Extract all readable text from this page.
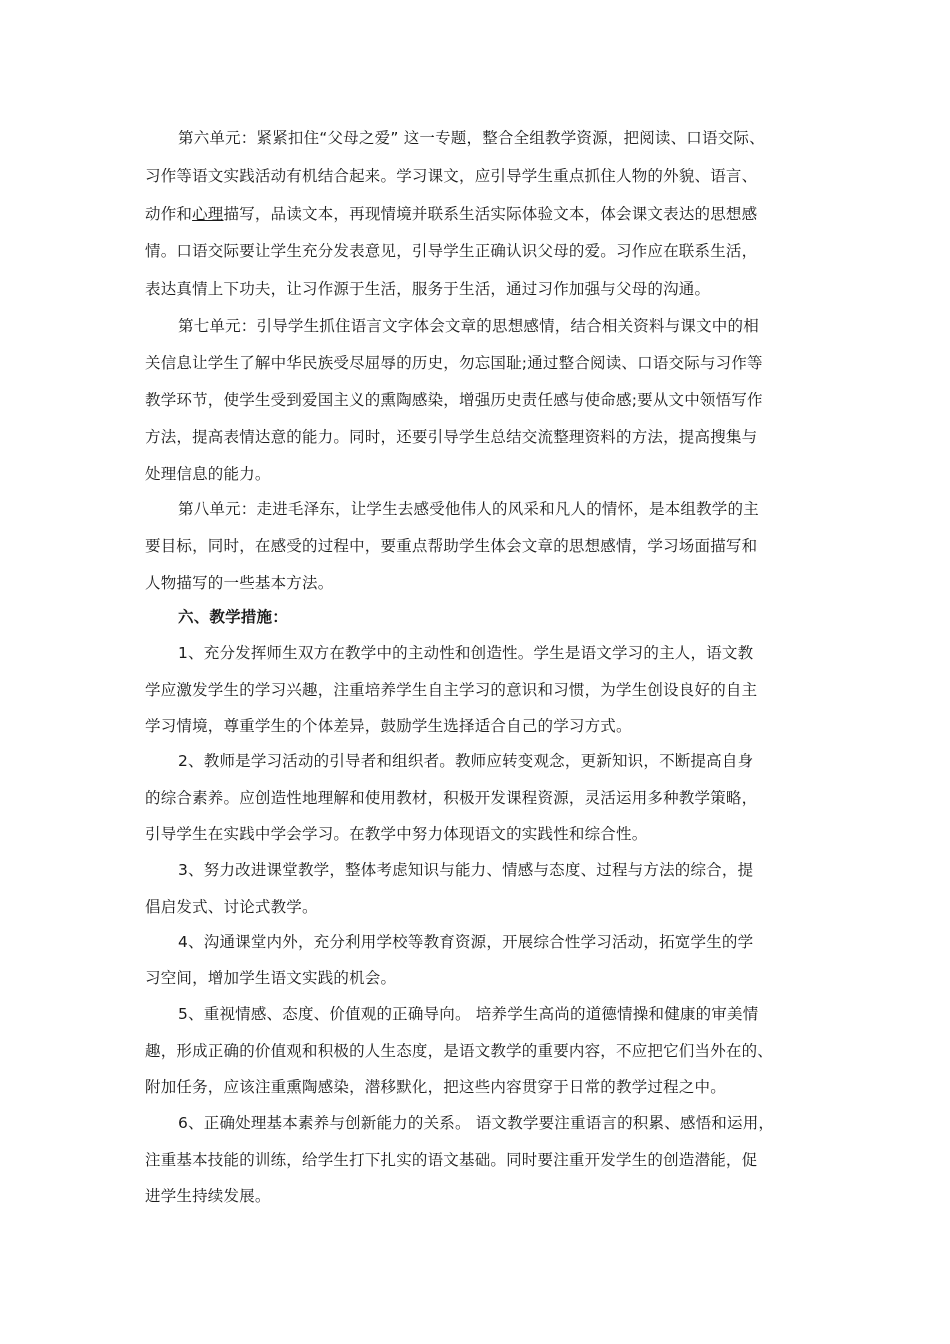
第六单元：紧紧扣住“父母之爱” 这一专题，整合全组教学资源，把阅读、口语交际、

习作等语文实践活动有机结合起来。学习课文，应引导学生重点抓住人物的外貌、语言、

动作和心理描写，品读文本，再现情境并联系生活实际体验文本，体会课文表达的思想感

情。口语交际要让学生充分发表意见，引导学生正确认识父母的爱。习作应在联系生活，

表达真情上下功夫，让习作源于生活，服务于生活，通过习作加强与父母的沟通。

第七单元：引导学生抓住语言文字体会文章的思想感情，结合相关资料与课文中的相

关信息让学生了解中华民族受尽屈辱的历史，勿忘国耻;通过整合阅读、口语交际与习作等

教学环节，使学生受到爱国主义的熏陶感染，增强历史责任感与使命感;要从文中领悟写作

方法，提高表情达意的能力。同时，还要引导学生总结交流整理资料的方法，提高搜集与

处理信息的能力。

第八单元：走进毛泽东，让学生去感受他伟人的风采和凡人的情怀，是本组教学的主

要目标，同时，在感受的过程中，要重点帮助学生体会文章的思想感情，学习场面描写和

人物描写的一些基本方法。

六、教学措施：

1、充分发挥师生双方在教学中的主动性和创造性。学生是语文学习的主人，语文教

学应激发学生的学习兴趣，注重培养学生自主学习的意识和习惯，为学生创设良好的自主

学习情境，尊重学生的个体差异，鼓励学生选择适合自己的学习方式。

2、教师是学习活动的引导者和组织者。教师应转变观念，更新知识，不断提高自身

的综合素养。应创造性地理解和使用教材，积极开发课程资源，灵活运用多种教学策略，

引导学生在实践中学会学习。在教学中努力体现语文的实践性和综合性。

3、努力改进课堂教学，整体考虑知识与能力、情感与态度、过程与方法的综合，提

倡启发式、讨论式教学。

4、沟通课堂内外，充分利用学校等教育资源，开展综合性学习活动，拓宽学生的学

习空间，增加学生语文实践的机会。

5、重视情感、态度、价值观的正确导向。 培养学生高尚的道德情操和健康的审美情

趣，形成正确的价值观和积极的人生态度，是语文教学的重要内容，不应把它们当外在的、

附加任务，应该注重熏陶感染，潜移默化，把这些内容贯穿于日常的教学过程之中。

6、正确处理基本素养与创新能力的关系。 语文教学要注重语言的积累、感悟和运用，

注重基本技能的训练，给学生打下扎实的语文基础。同时要注重开发学生的创造潜能，促

进学生持续发展。
